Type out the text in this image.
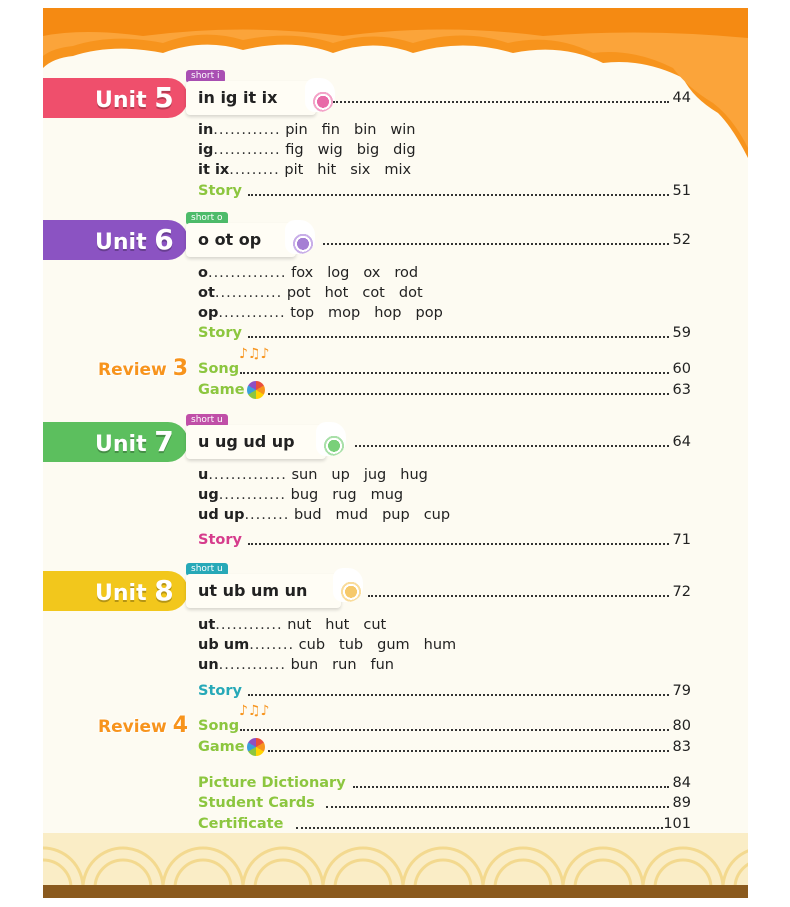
Unit 5
short i
in ig it ix	44
in............ pin fin bin win
ig............ fig wig big dig
it ix......... pit hit six mix
Story	51
Unit 6
short o
o ot op	52
o.............. fox log ox rod
ot............ pot hot cot dot
op............ top mop hop pop
Story	59
Review 3 Song	60
♪♫♪
Game	63
Unit 7
short u
u ug ud up	64
u.............. sun up jug hug
ug............ bug rug mug
ud up........ bud mud pup cup
Story	71
Unit 8
short u
ut ub um un	72
ut............ nut hut cut
ub um........ cub tub gum hum
un............ bun run fun
Story	79
Review 4 Song	80
♪♫♪
Game	83
Picture Dictionary	84
Student Cards	89
Certificate	101
